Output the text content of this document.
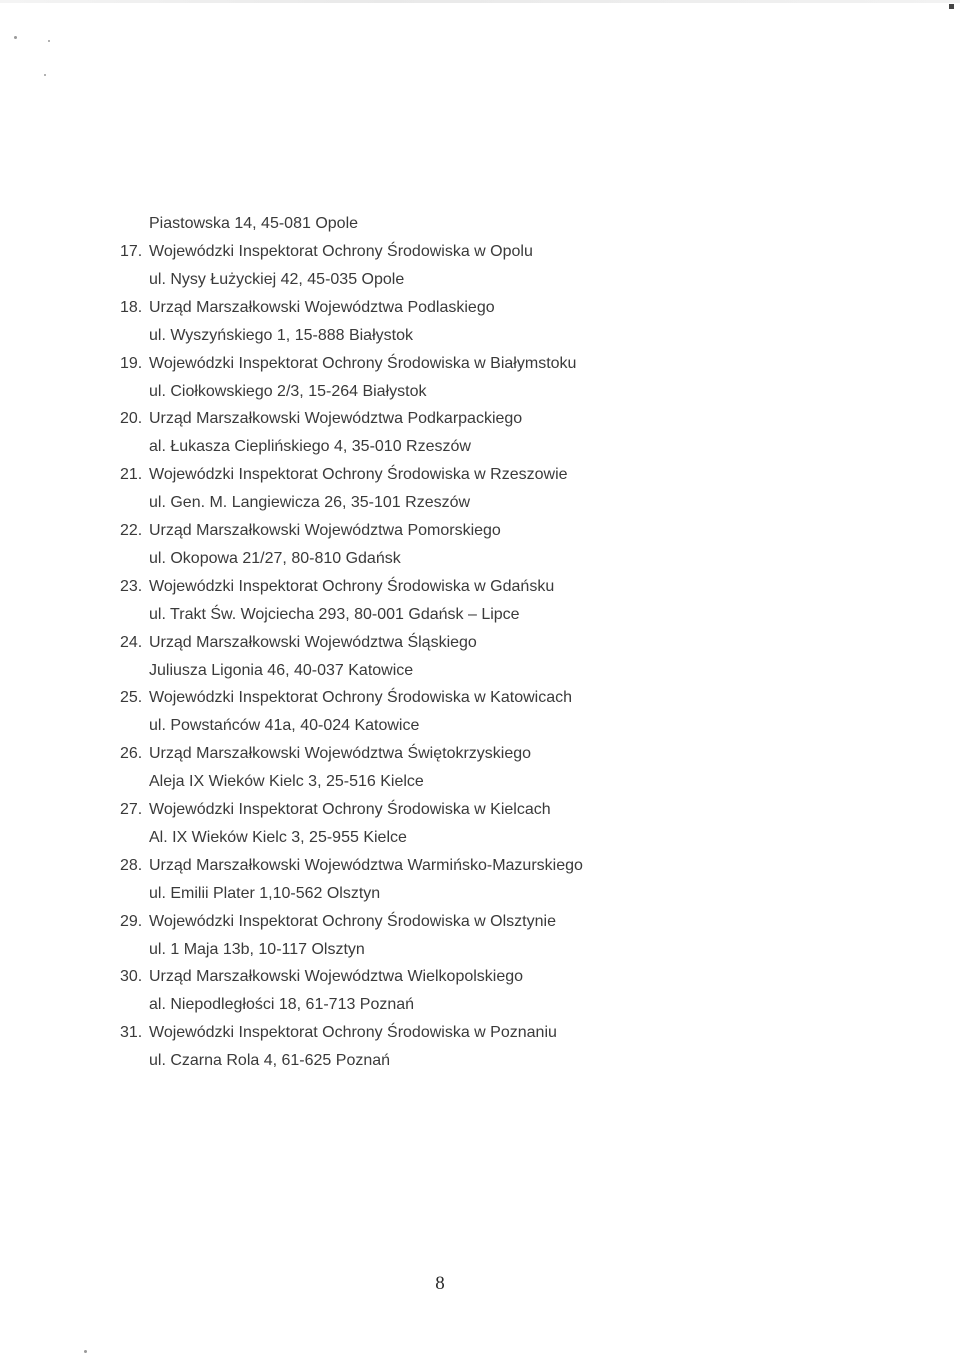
Piastowska 14, 45-081 Opole
17. Wojewódzki Inspektorat Ochrony Środowiska w Opolu
ul. Nysy Łużyckiej 42, 45-035 Opole
18. Urząd Marszałkowski Województwa Podlaskiego
ul. Wyszyńskiego 1, 15-888 Białystok
19. Wojewódzki Inspektorat Ochrony Środowiska w Białymstoku
ul. Ciołkowskiego 2/3, 15-264 Białystok
20. Urząd Marszałkowski Województwa Podkarpackiego
al. Łukasza Cieplińskiego 4, 35-010 Rzeszów
21. Wojewódzki Inspektorat Ochrony Środowiska w Rzeszowie
ul. Gen. M. Langiewicza 26, 35-101 Rzeszów
22. Urząd Marszałkowski Województwa Pomorskiego
ul. Okopowa 21/27, 80-810 Gdańsk
23. Wojewódzki Inspektorat Ochrony Środowiska w Gdańsku
ul. Trakt Św. Wojciecha 293, 80-001 Gdańsk – Lipce
24. Urząd Marszałkowski Województwa Śląskiego
Juliusza Ligonia 46, 40-037 Katowice
25. Wojewódzki Inspektorat Ochrony Środowiska w Katowicach
ul. Powstańców 41a, 40-024 Katowice
26. Urząd Marszałkowski Województwa Świętokrzyskiego
Aleja IX Wieków Kielc 3, 25-516 Kielce
27. Wojewódzki Inspektorat Ochrony Środowiska w Kielcach
Al. IX Wieków Kielc 3, 25-955 Kielce
28. Urząd Marszałkowski Województwa Warmińsko-Mazurskiego
ul. Emilii Plater 1,10-562 Olsztyn
29. Wojewódzki Inspektorat Ochrony Środowiska w Olsztynie
ul. 1 Maja 13b, 10-117 Olsztyn
30. Urząd Marszałkowski Województwa Wielkopolskiego
al. Niepodległości 18, 61-713 Poznań
31. Wojewódzki Inspektorat Ochrony Środowiska w Poznaniu
ul. Czarna Rola 4, 61-625 Poznań
8
